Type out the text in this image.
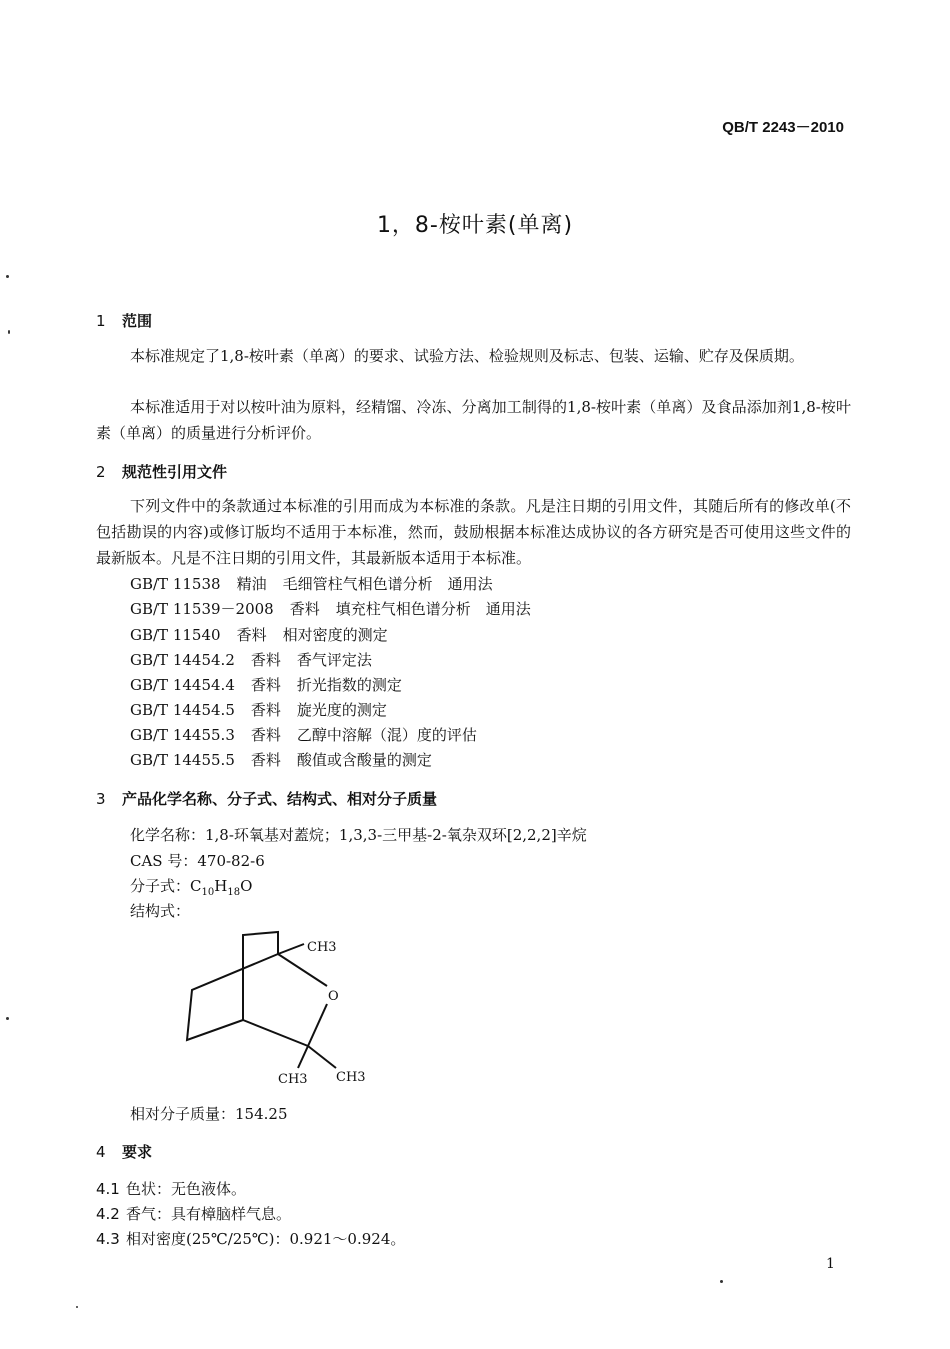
QB/T 2243－2010
1，8-桉叶素(单离)
1 范围
本标准规定了1,8-桉叶素（单离）的要求、试验方法、检验规则及标志、包装、运输、贮存及保质期。
本标准适用于对以桉叶油为原料，经精馏、冷冻、分离加工制得的1,8-桉叶素（单离）及食品添加剂1,8-桉叶素（单离）的质量进行分析评价。
2 规范性引用文件
下列文件中的条款通过本标准的引用而成为本标准的条款。凡是注日期的引用文件，其随后所有的修改单(不包括勘误的内容)或修订版均不适用于本标准，然而，鼓励根据本标准达成协议的各方研究是否可使用这些文件的最新版本。凡是不注日期的引用文件，其最新版本适用于本标准。
GB/T 11538 精油 毛细管柱气相色谱分析　通用法
GB/T 11539－2008 香料 填充柱气相色谱分析　通用法
GB/T 11540 香料 相对密度的测定
GB/T 14454.2 香料 香气评定法
GB/T 14454.4 香料 折光指数的测定
GB/T 14454.5 香料 旋光度的测定
GB/T 14455.3 香料 乙醇中溶解（混）度的评估
GB/T 14455.5 香料 酸值或含酸量的测定
3 产品化学名称、分子式、结构式、相对分子质量
化学名称：1,8-环氧基对蓋烷；1,3,3-三甲基-2-氧杂双环[2,2,2]辛烷
CAS 号：470-82-6
分子式：$C_{10}H_{18}O$
结构式：
CH3
O
CH3 CH3
相对分子质量：154.25
4 要求
4.1 色状：无色液体。
4.2 香气：具有樟脑样气息。
4.3 相对密度(25℃/25℃)：0.921～0.924。
1
